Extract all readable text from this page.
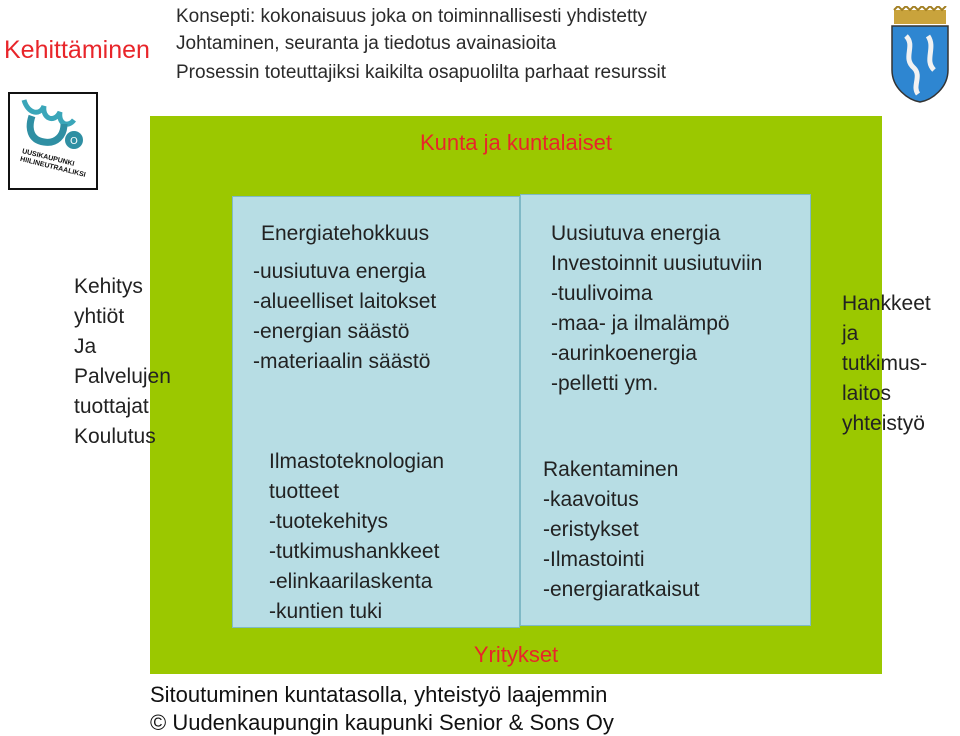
Kehittäminen
Konsepti: kokonaisuus joka on toiminnallisesti yhdistetty
Johtaminen, seuranta ja tiedotus avainasioita
Prosessin toteuttajiksi kaikilta osapuolilta parhaat resurssit
O
UUSIKAUPUNKI
HIILINEUTRAALIKSI
Kunta ja kuntalaiset
Yritykset
Energiatehokkuus
-uusiutuva energia
-alueelliset laitokset
-energian säästö
-materiaalin säästö
Ilmastoteknologian
tuotteet
-tuotekehitys
-tutkimushankkeet
-elinkaarilaskenta
-kuntien tuki
Uusiutuva energia
Investoinnit uusiutuviin
-tuulivoima
-maa- ja ilmalämpö
-aurinkoenergia
-pelletti ym.
Rakentaminen
-kaavoitus
-eristykset
-Ilmastointi
-energiaratkaisut
Kehitys
yhtiöt
Ja
Palvelujen
tuottajat
Koulutus
Hankkeet
ja
tutkimus-
laitos
yhteistyö
Sitoutuminen kuntatasolla, yhteistyö laajemmin
© Uudenkaupungin kaupunki Senior & Sons Oy
